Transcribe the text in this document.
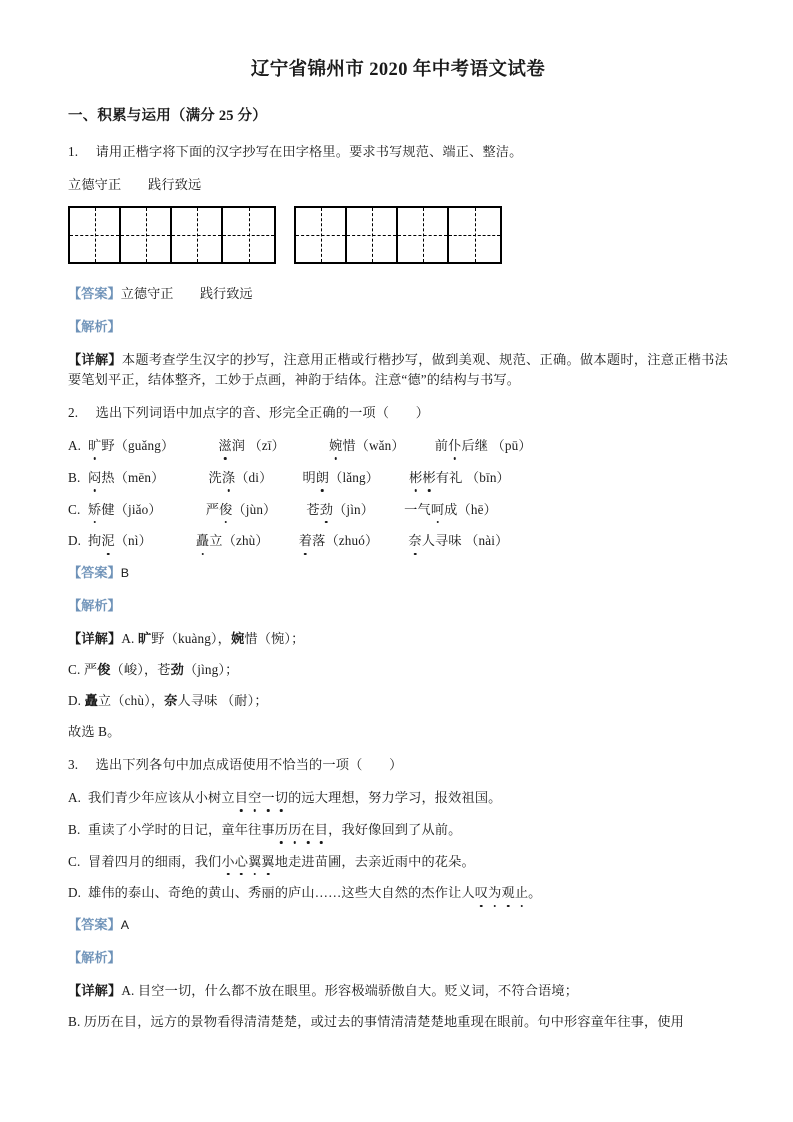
辽宁省锦州市 2020 年中考语文试卷
一、积累与运用（满分 25 分）
1. 请用正楷字将下面的汉字抄写在田字格里。要求书写规范、端正、整洁。
立德守正　　践行致远
【答案】立德守正　　践行致远
【解析】
【详解】本题考查学生汉字的抄写，注意用正楷或行楷抄写，做到美观、规范、正确。做本题时，注意正楷书法要笔划平正，结体整齐，工妙于点画，神韵于结体。注意“德”的结构与书写。
2. 选出下列词语中加点字的音、形完全正确的一项（　　）
A. 旷野（guǎng）	滋润 （zī）	婉惜（wǎn） 前仆后继 （pū）
B. 闷热（mēn）	洗涤（di） 明朗（lǎng） 彬彬有礼 （bīn）
C. 矫健（jiǎo）	严俊（jùn） 苍劲（jìn） 一气呵成（hē）
D. 拘泥（nì）	矗立（zhù） 着落（zhuó） 奈人寻味 （nài）
【答案】B
【解析】
【详解】A. 旷野（kuàng），婉惜（惋）；
C. 严俊（峻），苍劲（jìng）；
D. 矗立（chù），奈人寻味 （耐）；
故选 B。
3. 选出下列各句中加点成语使用不恰当的一项（　　）
A. 我们青少年应该从小树立目空一切的远大理想，努力学习，报效祖国。
B. 重读了小学时的日记，童年往事历历在目，我好像回到了从前。
C. 冒着四月的细雨，我们小心翼翼地走进苗圃，去亲近雨中的花朵。
D. 雄伟的泰山、奇绝的黄山、秀丽的庐山……这些大自然的杰作让人叹为观止。
【答案】A
【解析】
【详解】A. 目空一切，什么都不放在眼里。形容极端骄傲自大。贬义词，不符合语境；
B. 历历在目，远方的景物看得清清楚楚，或过去的事情清清楚楚地重现在眼前。句中形容童年往事，使用
